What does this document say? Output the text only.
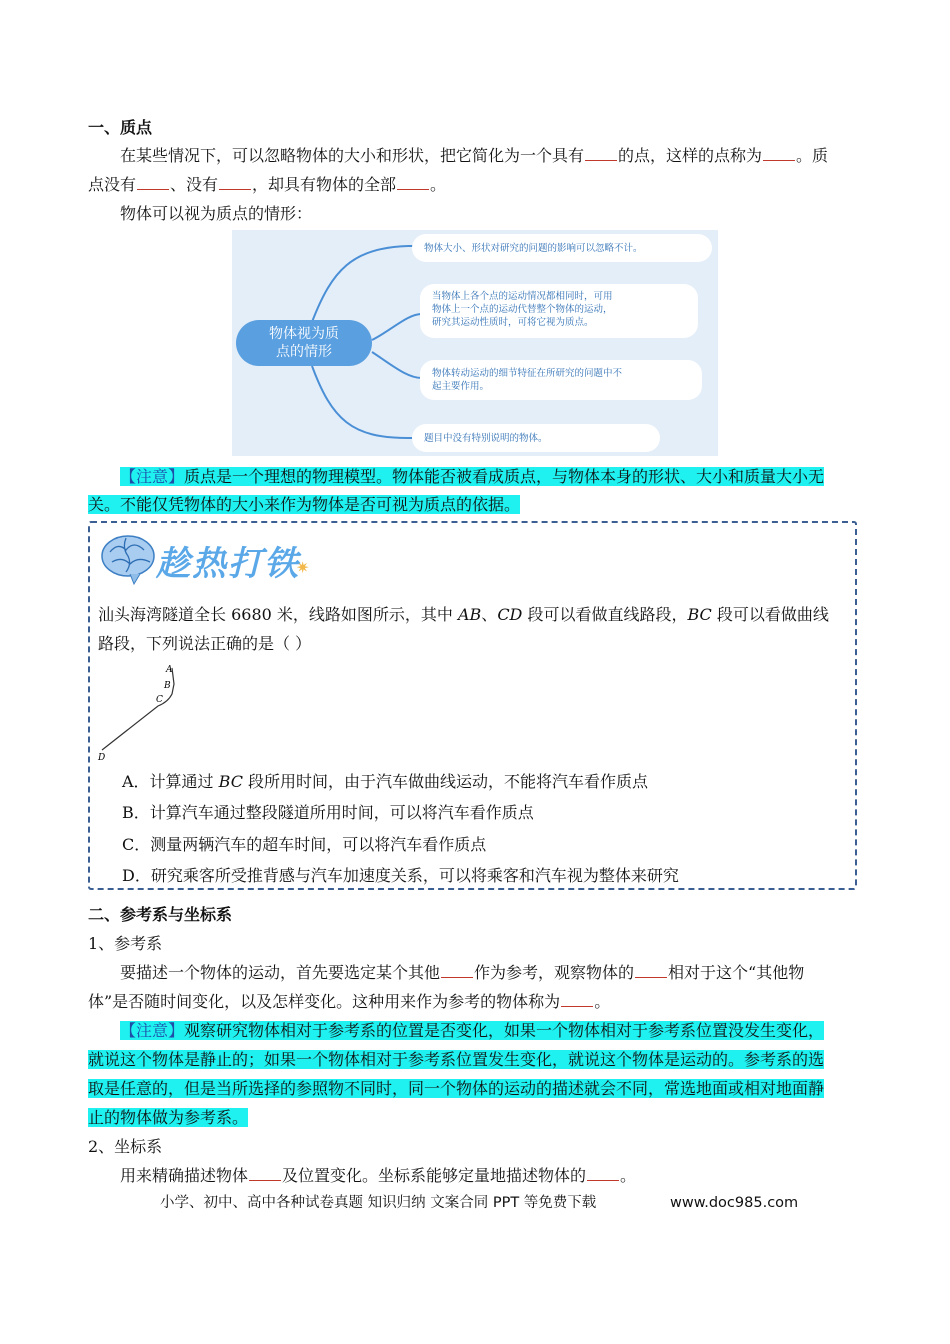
一、质点
在某些情况下，可以忽略物体的大小和形状，把它简化为一个具有 的点，这样的点称为 。质
点没有 、没有 ，却具有物体的全部 。
物体可以视为质点的情形：
物体视为质
点的情形
物体大小、形状对研究的问题的影响可以忽略不计。
当物体上各个点的运动情况都相同时，可用
物体上一个点的运动代替整个物体的运动，
研究其运动性质时，可将它视为质点。
物体转动运动的细节特征在所研究的问题中不
起主要作用。
题目中没有特别说明的物体。
【注意】质点是一个理想的物理模型。物体能否被看成质点，与物体本身的形状、大小和质量大小无
关。不能仅凭物体的大小来作为物体是否可视为质点的依据。
趁热打铁
✷
汕头海湾隧道全长 6680 米，线路如图所示，其中 AB、CD 段可以看做直线路段，BC 段可以看做曲线
路段，下列说法正确的是（ ）
A
B
C
D
A．计算通过 BC 段所用时间，由于汽车做曲线运动，不能将汽车看作质点
B．计算汽车通过整段隧道所用时间，可以将汽车看作质点
C．测量两辆汽车的超车时间，可以将汽车看作质点
D．研究乘客所受推背感与汽车加速度关系，可以将乘客和汽车视为整体来研究
二、参考系与坐标系
1、参考系
要描述一个物体的运动，首先要选定某个其他 作为参考，观察物体的 相对于这个“其他物
体”是否随时间变化，以及怎样变化。这种用来作为参考的物体称为 。
【注意】观察研究物体相对于参考系的位置是否变化，如果一个物体相对于参考系位置没发生变化，
就说这个物体是静止的；如果一个物体相对于参考系位置发生变化，就说这个物体是运动的。参考系的选
取是任意的，但是当所选择的参照物不同时，同一个物体的运动的描述就会不同，常选地面或相对地面静
止的物体做为参考系。
2、坐标系
用来精确描述物体 及位置变化。坐标系能够定量地描述物体的 。
小学、初中、高中各种试卷真题 知识归纳 文案合同 PPT 等免费下载	www.doc985.com
